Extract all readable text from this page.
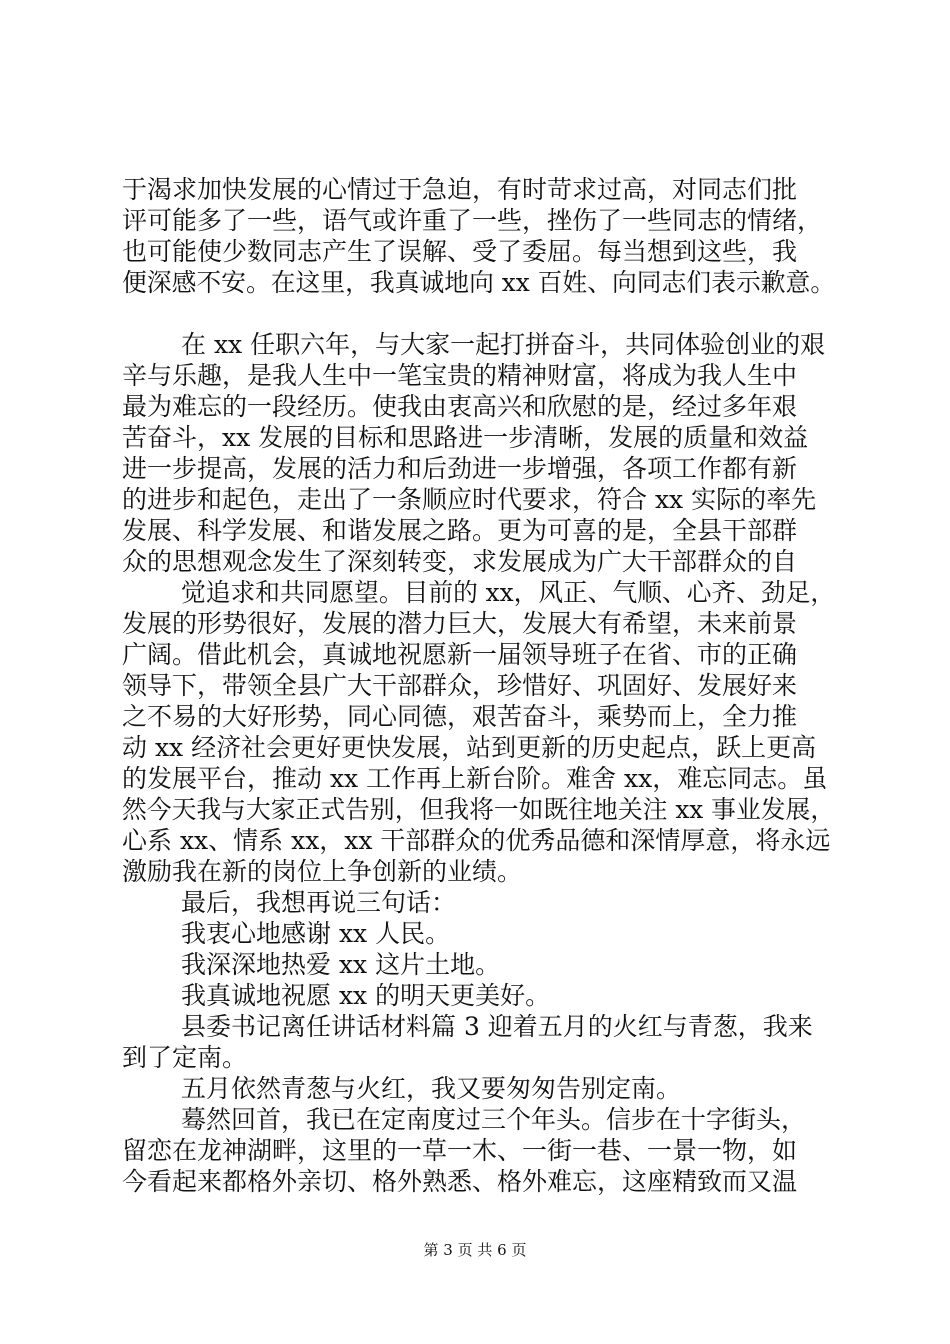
于渴求加快发展的心情过于急迫，有时苛求过高，对同志们批
评可能多了一些，语气或许重了一些，挫伤了一些同志的情绪，
也可能使少数同志产生了误解、受了委屈。每当想到这些，我
便深感不安。在这里，我真诚地向 xx 百姓、向同志们表示歉意。
在 xx 任职六年，与大家一起打拼奋斗，共同体验创业的艰
辛与乐趣，是我人生中一笔宝贵的精神财富，将成为我人生中
最为难忘的一段经历。使我由衷高兴和欣慰的是，经过多年艰
苦奋斗，xx 发展的目标和思路进一步清晰，发展的质量和效益
进一步提高，发展的活力和后劲进一步增强，各项工作都有新
的进步和起色，走出了一条顺应时代要求，符合 xx 实际的率先
发展、科学发展、和谐发展之路。更为可喜的是，全县干部群
众的思想观念发生了深刻转变，求发展成为广大干部群众的自
觉追求和共同愿望。目前的 xx，风正、气顺、心齐、劲足，
发展的形势很好，发展的潜力巨大，发展大有希望，未来前景
广阔。借此机会，真诚地祝愿新一届领导班子在省、市的正确
领导下，带领全县广大干部群众，珍惜好、巩固好、发展好来
之不易的大好形势，同心同德，艰苦奋斗，乘势而上，全力推
动 xx 经济社会更好更快发展，站到更新的历史起点，跃上更高
的发展平台，推动 xx 工作再上新台阶。难舍 xx，难忘同志。虽
然今天我与大家正式告别，但我将一如既往地关注 xx 事业发展，
心系 xx、情系 xx，xx 干部群众的优秀品德和深情厚意，将永远
激励我在新的岗位上争创新的业绩。
最后，我想再说三句话：
我衷心地感谢 xx 人民。
我深深地热爱 xx 这片土地。
我真诚地祝愿 xx 的明天更美好。
县委书记离任讲话材料篇 3 迎着五月的火红与青葱，我来
到了定南。
五月依然青葱与火红，我又要匆匆告别定南。
蓦然回首，我已在定南度过三个年头。信步在十字街头，
留恋在龙神湖畔，这里的一草一木、一街一巷、一景一物，如
今看起来都格外亲切、格外熟悉、格外难忘，这座精致而又温
第 3 页 共 6 页
